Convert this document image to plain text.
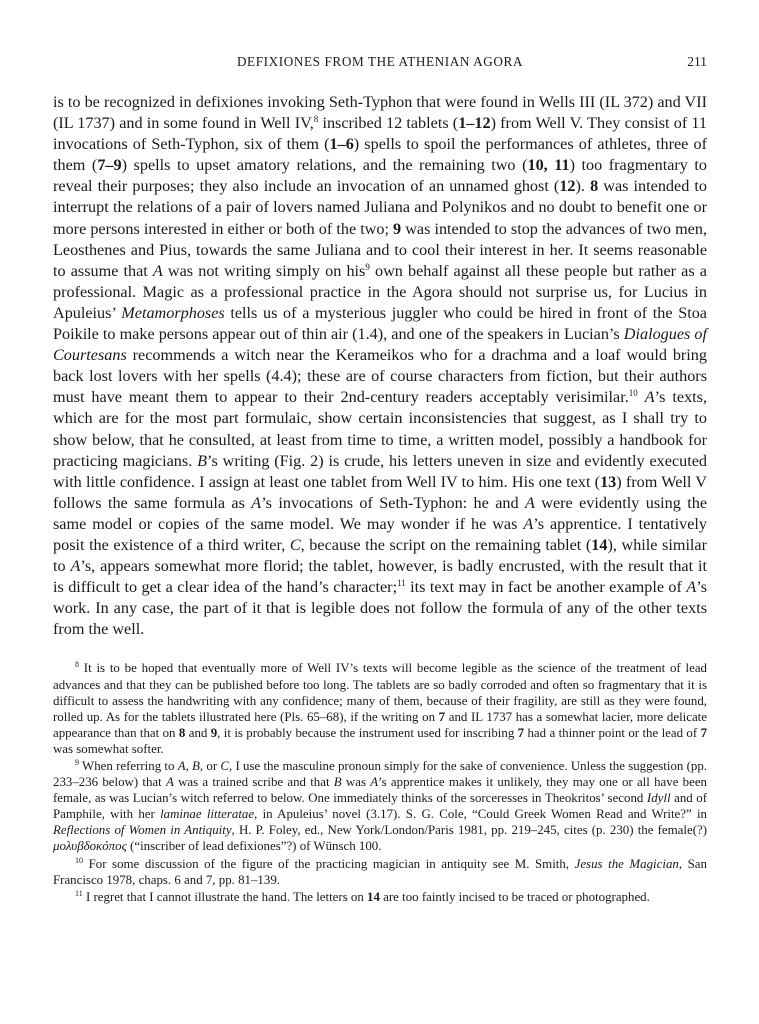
DEFIXIONES FROM THE ATHENIAN AGORA	211

is to be recognized in defixiones invoking Seth-Typhon that were found in Wells III (IL 372) and VII (IL 1737) and in some found in Well IV,$^8$ inscribed 12 tablets (1–12) from Well V. They consist of 11 invocations of Seth-Typhon, six of them (1–6) spells to spoil the performances of athletes, three of them (7–9) spells to upset amatory relations, and the remaining two (10, 11) too fragmentary to reveal their purposes; they also include an invocation of an unnamed ghost (12). 8 was intended to interrupt the relations of a pair of lovers named Juliana and Polynikos and no doubt to benefit one or more persons interested in either or both of the two; 9 was intended to stop the advances of two men, Leosthenes and Pius, towards the same Juliana and to cool their interest in her. It seems reasonable to assume that A was not writing simply on his$^9$ own behalf against all these people but rather as a professional. Magic as a professional practice in the Agora should not surprise us, for Lucius in Apuleius’ Metamorphoses tells us of a mysterious juggler who could be hired in front of the Stoa Poikile to make persons appear out of thin air (1.4), and one of the speakers in Lucian’s Dialogues of Courtesans recommends a witch near the Kerameikos who for a drachma and a loaf would bring back lost lovers with her spells (4.4); these are of course characters from fiction, but their authors must have meant them to appear to their 2nd-century readers acceptably verisimilar.$^{10}$ A’s texts, which are for the most part formulaic, show certain inconsistencies that suggest, as I shall try to show below, that he consulted, at least from time to time, a written model, possibly a handbook for practicing magicians. B’s writing (Fig. 2) is crude, his letters uneven in size and evidently executed with little confidence. I assign at least one tablet from Well IV to him. His one text (13) from Well V follows the same formula as A’s invocations of Seth-Typhon: he and A were evidently using the same model or copies of the same model. We may wonder if he was A’s apprentice. I tentatively posit the existence of a third writer, C, because the script on the remaining tablet (14), while similar to A’s, appears somewhat more florid; the tablet, however, is badly encrusted, with the result that it is difficult to get a clear idea of the hand’s character;$^{11}$ its text may in fact be another example of A’s work. In any case, the part of it that is legible does not follow the formula of any of the other texts from the well.

$^8$ It is to be hoped that eventually more of Well IV’s texts will become legible as the science of the treatment of lead advances and that they can be published before too long. The tablets are so badly corroded and often so fragmentary that it is difficult to assess the handwriting with any confidence; many of them, because of their fragility, are still as they were found, rolled up. As for the tablets illustrated here (Pls. 65–68), if the writing on 7 and IL 1737 has a somewhat lacier, more delicate appearance than that on 8 and 9, it is probably because the instrument used for inscribing 7 had a thinner point or the lead of 7 was somewhat softer.

$^9$ When referring to A, B, or C, I use the masculine pronoun simply for the sake of convenience. Unless the suggestion (pp. 233–236 below) that A was a trained scribe and that B was A’s apprentice makes it unlikely, they may one or all have been female, as was Lucian’s witch referred to below. One immediately thinks of the sorceresses in Theokritos’ second Idyll and of Pamphile, with her laminae litteratae, in Apuleius’ novel (3.17). S. G. Cole, “Could Greek Women Read and Write?” in Reflections of Women in Antiquity, H. P. Foley, ed., New York/London/Paris 1981, pp. 219–245, cites (p. 230) the female(?) μολυβδοκόπος (“inscriber of lead defixiones”?) of Wünsch 100.

$^{10}$ For some discussion of the figure of the practicing magician in antiquity see M. Smith, Jesus the Magician, San Francisco 1978, chaps. 6 and 7, pp. 81–139.

$^{11}$ I regret that I cannot illustrate the hand. The letters on 14 are too faintly incised to be traced or photographed.
